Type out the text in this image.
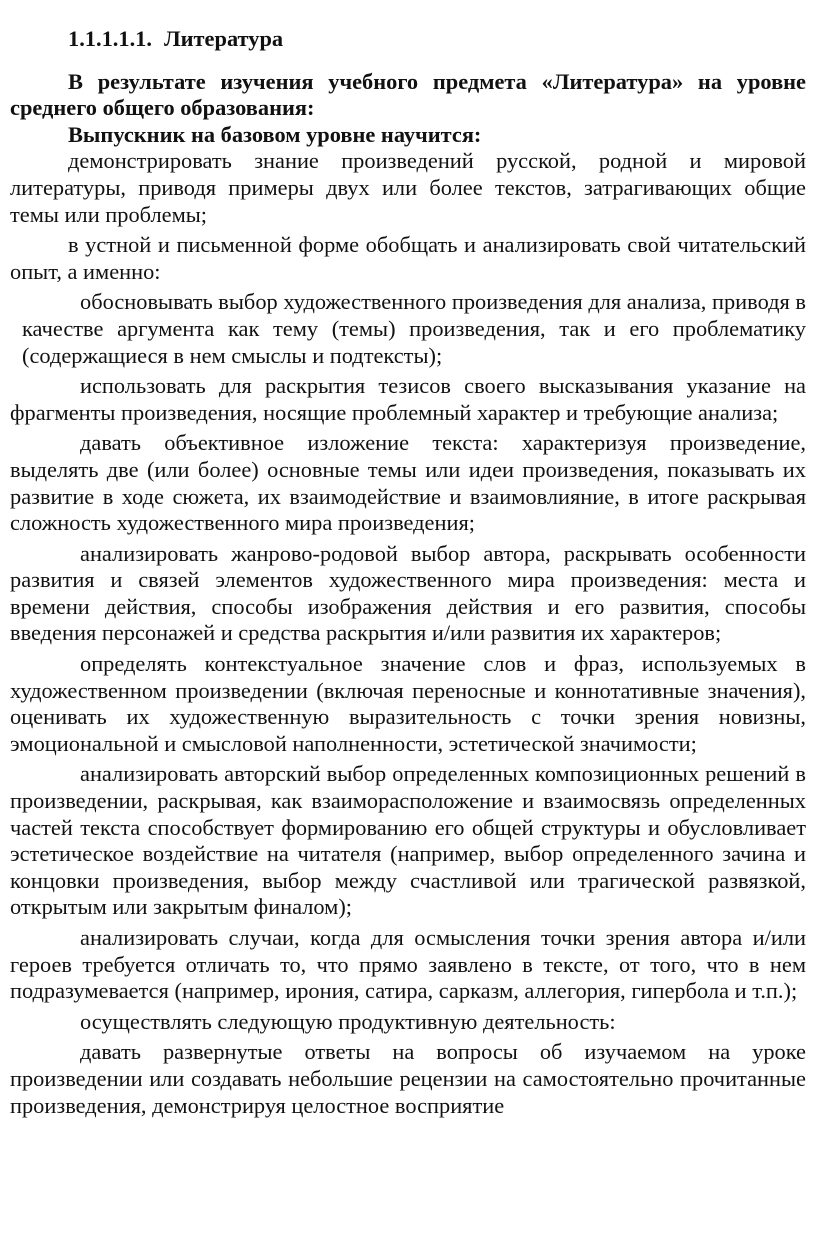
1.1.1.1.1. Литература

В результате изучения учебного предмета «Литература» на уровне среднего общего образования:

Выпускник на базовом уровне научится:

демонстрировать знание произведений русской, родной и мировой литературы, приводя примеры двух или более текстов, затрагивающих общие темы или проблемы;

в устной и письменной форме обобщать и анализировать свой читательский опыт, а именно:

обосновывать выбор художественного произведения для анализа, приводя в качестве аргумента как тему (темы) произведения, так и его проблематику (содержащиеся в нем смыслы и подтексты);

использовать для раскрытия тезисов своего высказывания указание на фрагменты произведения, носящие проблемный характер и требующие анализа;

давать объективное изложение текста: характеризуя произведение, выделять две (или более) основные темы или идеи произведения, показывать их развитие в ходе сюжета, их взаимодействие и взаимовлияние, в итоге раскрывая сложность художественного мира произведения;

анализировать жанрово-родовой выбор автора, раскрывать особенности развития и связей элементов художественного мира произведения: места и времени действия, способы изображения действия и его развития, способы введения персонажей и средства раскрытия и/или развития их характеров;

определять контекстуальное значение слов и фраз, используемых в художественном произведении (включая переносные и коннотативные значения), оценивать их художественную выразительность с точки зрения новизны, эмоциональной и смысловой наполненности, эстетической значимости;

анализировать авторский выбор определенных композиционных решений в произведении, раскрывая, как взаиморасположение и взаимосвязь определенных частей текста способствует формированию его общей структуры и обусловливает эстетическое воздействие на читателя (например, выбор определенного зачина и концовки произведения, выбор между счастливой или трагической развязкой, открытым или закрытым финалом);

анализировать случаи, когда для осмысления точки зрения автора и/или героев требуется отличать то, что прямо заявлено в тексте, от того, что в нем подразумевается (например, ирония, сатира, сарказм, аллегория, гипербола и т.п.);

осуществлять следующую продуктивную деятельность:

давать развернутые ответы на вопросы об изучаемом на уроке произведении или создавать небольшие рецензии на самостоятельно прочитанные произведения, демонстрируя целостное восприятие
